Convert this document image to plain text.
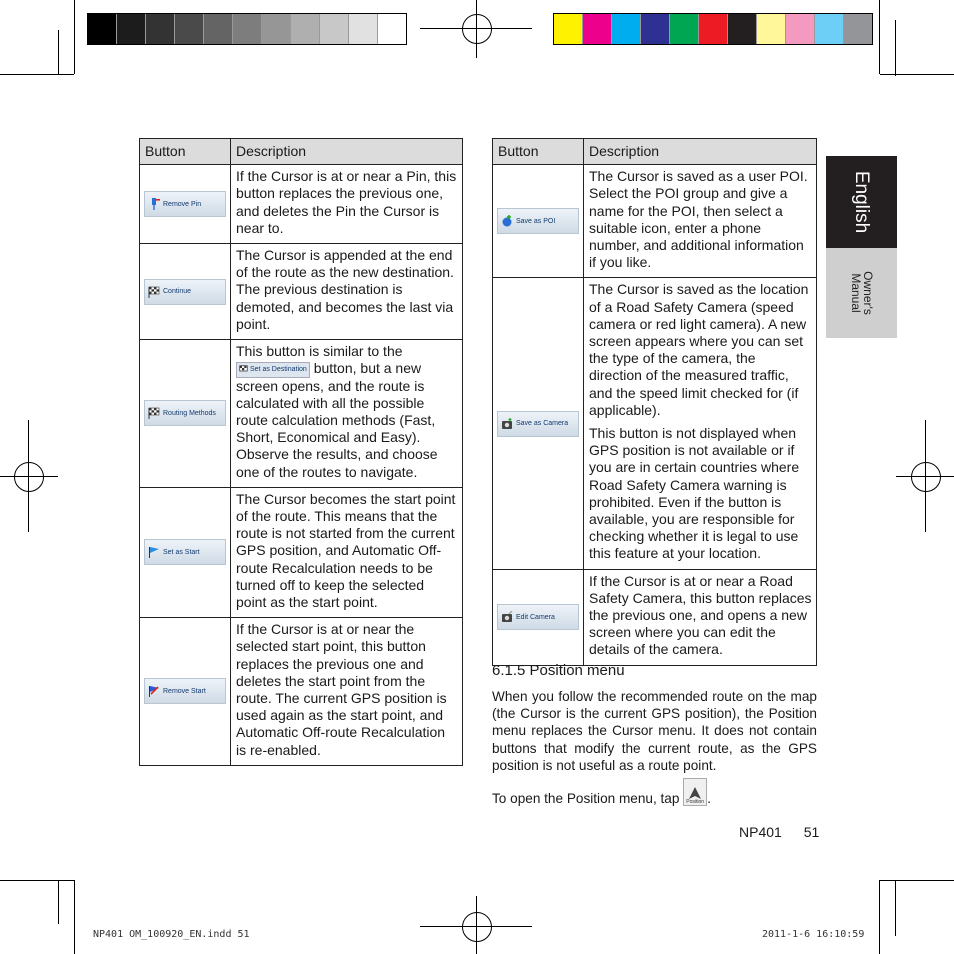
English
Owner's
Manual
Button	Description

Remove Pin	If the Cursor is at or near a Pin, this button replaces the previous one, and deletes the Pin the Cursor is near to.

Continue	The Cursor is appended at the end of the route as the new destination. The previous destination is demoted, and becomes the last via point.

Routing Methods	This button is similar to the
Set as Destination button, but a new screen opens, and the route is calculated with all the possible route calculation methods (Fast, Short, Economical and Easy). Observe the results, and choose one of the routes to navigate.

Set as Start	The Cursor becomes the start point of the route. This means that the route is not started from the current GPS position, and Automatic Off-route Recalculation needs to be turned off to keep the selected point as the start point.

Remove Start	If the Cursor is at or near the selected start point, this button replaces the previous one and deletes the start point from the route. The current GPS position is used again as the start point, and Automatic Off-route Recalculation is re-enabled.
Button	Description

Save as POI	The Cursor is saved as a user POI. Select the POI group and give a name for the POI, then select a suitable icon, enter a phone number, and additional information if you like.

Save as Camera	The Cursor is saved as the location of a Road Safety Camera (speed camera or red light camera). A new screen appears where you can set the type of the camera, the direction of the measured traffic, and the speed limit checked for (if applicable).
This button is not displayed when GPS position is not available or if you are in certain countries where Road Safety Camera warning is prohibited. Even if the button is available, you are responsible for checking whether it is legal to use this feature at your location.

Edit Camera	If the Cursor is at or near a Road Safety Camera, this button replaces the previous one, and opens a new screen where you can edit the details of the camera.
6.1.5 Position menu
When you follow the recommended route on the map (the Cursor is the current GPS position), the Position menu replaces the Cursor menu. It does not contain buttons that modify the current route, as the GPS position is not useful as a route point.
To open the Position menu, tap Position .
NP401 51
NP401 OM_100920_EN.indd 51	2011-1-6 16:10:59
